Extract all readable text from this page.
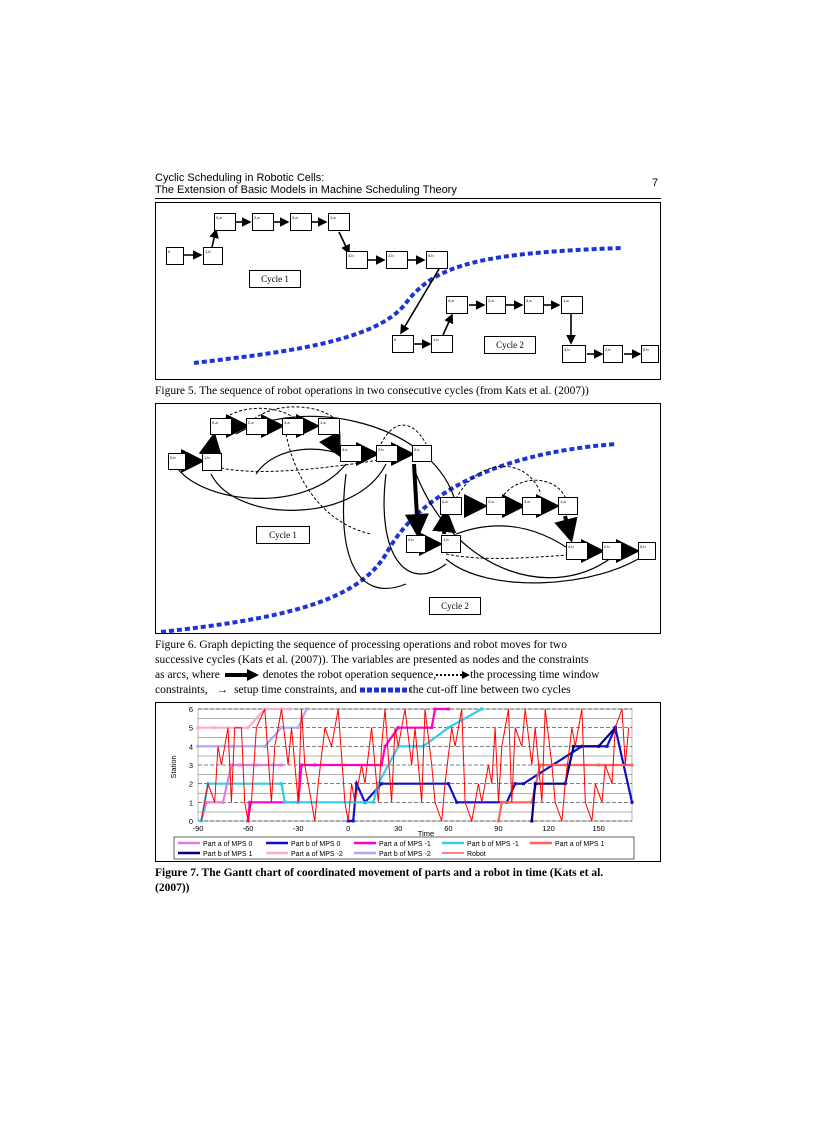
Cyclic Scheduling in Robotic Cells:
The Extension of Basic Models in Machine Scheduling Theory
7
0	1,b
0,a	2,a	3,a	1,a
4,b	2,b	5,b
Cycle 1
0,a	2,a	3,a	1,a
0	1,b
Cycle 2	4,b	2,b	5,b
Figure 5. The sequence of robot operations in two consecutive cycles (from Kats et al. (2007))
0,b	1,b
0,a	2,a	3,a	1,a
4,b	2,b	5,b
Cycle 1
0,a	2,a	3,a	1,a
0,b	1,b
4,b	2,b	5,b
Cycle 2
Figure 6. Graph depicting the sequence of processing operations and robot moves for two
successive cycles (Kats et al. (2007)). The variables are presented as nodes and the constraints
as arcs, where	denotes the robot operation sequence,	the processing time window
constraints, → setup time constraints, and	the cut-off line between two cycles
0
1
2
3
4
5
6
-90	-60	-30	0	30	60	90	120	150
Time
Station
Part a of MPS 0	Part b of MPS 0	Part a of MPS -1	Part b of MPS -1	Part a of MPS 1
Part b of MPS 1	Part a of MPS -2	Part b of MPS -2	Robot
Figure 7. The Gantt chart of coordinated movement of parts and a robot in time (Kats et al.
(2007))
